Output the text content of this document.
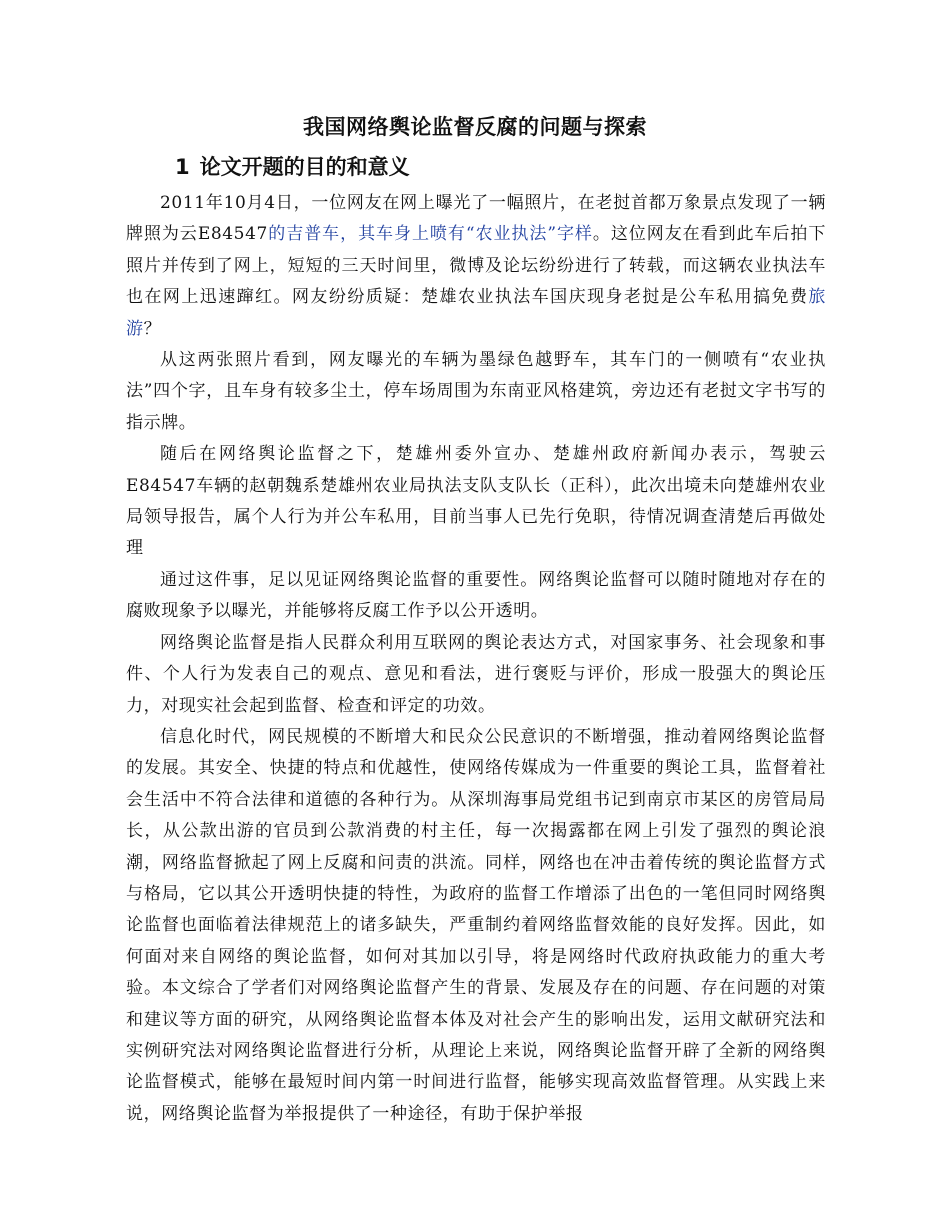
我国网络舆论监督反腐的问题与探索
1 论文开题的目的和意义

2011年10月4日，一位网友在网上曝光了一幅照片，在老挝首都万象景点发现了一辆牌照为云E84547的吉普车，其车身上喷有“农业执法”字样。这位网友在看到此车后拍下照片并传到了网上，短短的三天时间里，微博及论坛纷纷进行了转载，而这辆农业执法车也在网上迅速蹿红。网友纷纷质疑：楚雄农业执法车国庆现身老挝是公车私用搞免费旅游？

从这两张照片看到，网友曝光的车辆为墨绿色越野车，其车门的一侧喷有“农业执法”四个字，且车身有较多尘土，停车场周围为东南亚风格建筑，旁边还有老挝文字书写的指示牌。

随后在网络舆论监督之下，楚雄州委外宣办、楚雄州政府新闻办表示，驾驶云E84547车辆的赵朝魏系楚雄州农业局执法支队支队长（正科），此次出境未向楚雄州农业局领导报告，属个人行为并公车私用，目前当事人已先行免职，待情况调查清楚后再做处理

通过这件事，足以见证网络舆论监督的重要性。网络舆论监督可以随时随地对存在的腐败现象予以曝光，并能够将反腐工作予以公开透明。

网络舆论监督是指人民群众利用互联网的舆论表达方式，对国家事务、社会现象和事件、个人行为发表自己的观点、意见和看法，进行褒贬与评价，形成一股强大的舆论压力，对现实社会起到监督、检查和评定的功效。

信息化时代，网民规模的不断增大和民众公民意识的不断增强，推动着网络舆论监督的发展。其安全、快捷的特点和优越性，使网络传媒成为一件重要的舆论工具，监督着社会生活中不符合法律和道德的各种行为。从深圳海事局党组书记到南京市某区的房管局局长，从公款出游的官员到公款消费的村主任，每一次揭露都在网上引发了强烈的舆论浪潮，网络监督掀起了网上反腐和问责的洪流。同样，网络也在冲击着传统的舆论监督方式与格局，它以其公开透明快捷的特性，为政府的监督工作增添了出色的一笔但同时网络舆论监督也面临着法律规范上的诸多缺失，严重制约着网络监督效能的良好发挥。因此，如何面对来自网络的舆论监督，如何对其加以引导，将是网络时代政府执政能力的重大考验。本文综合了学者们对网络舆论监督产生的背景、发展及存在的问题、存在问题的对策和建议等方面的研究，从网络舆论监督本体及对社会产生的影响出发，运用文献研究法和实例研究法对网络舆论监督进行分析，从理论上来说，网络舆论监督开辟了全新的网络舆论监督模式，能够在最短时间内第一时间进行监督，能够实现高效监督管理。从实践上来说，网络舆论监督为举报提供了一种途径，有助于保护举报
